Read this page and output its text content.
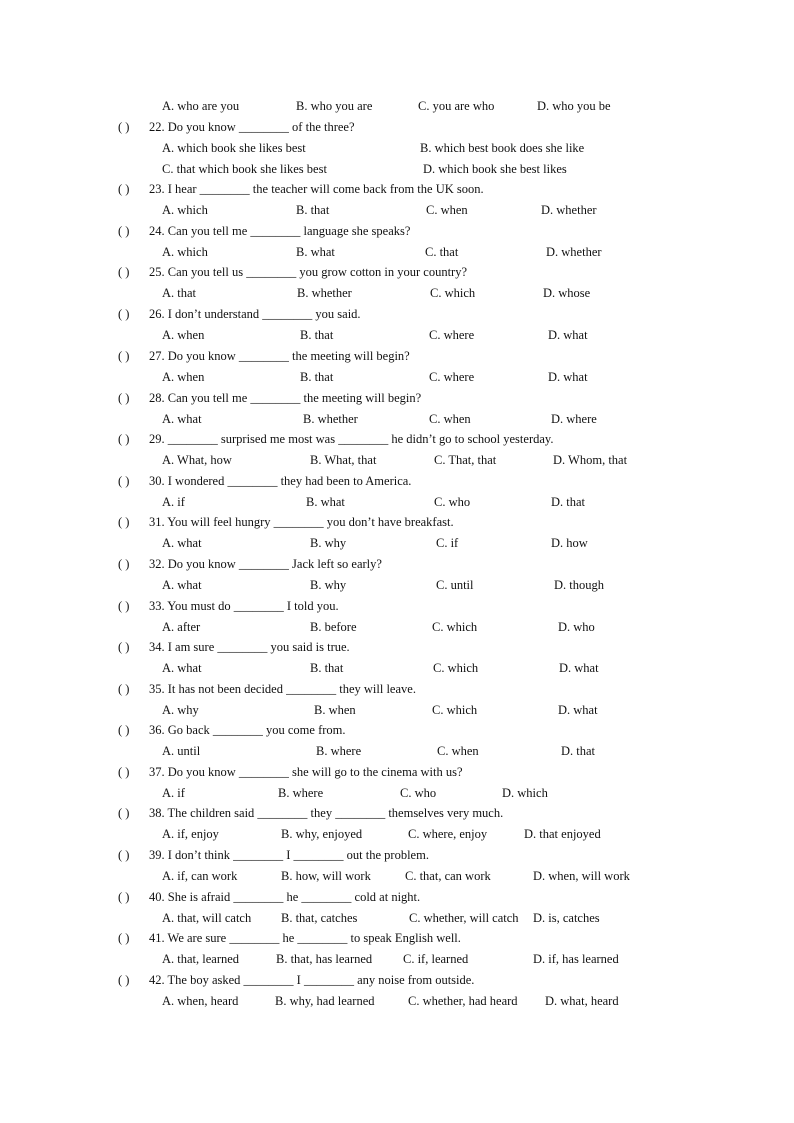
A. who are you	B. who you are	C. you are who	D. who you be
( ) 22. Do you know ________ of the three?
A. which book she likes best	B. which best book does she like
C. that which book she likes best	D. which book she best likes
( ) 23. I hear ________ the teacher will come back from the UK soon.
A. which	B. that	C. when	D. whether
( ) 24. Can you tell me ________ language she speaks?
A. which	B. what	C. that	D. whether
( ) 25. Can you tell us ________ you grow cotton in your country?
A. that	B. whether	C. which	D. whose
( ) 26. I don’t understand ________ you said.
A. when	B. that	C. where	D. what
( ) 27. Do you know ________ the meeting will begin?
A. when	B. that	C. where	D. what
( ) 28. Can you tell me ________ the meeting will begin?
A. what	B. whether	C. when	D. where
( ) 29. ________ surprised me most was ________ he didn’t go to school yesterday.
A. What, how	B. What, that	C. That, that	D. Whom, that
( ) 30. I wondered ________ they had been to America.
A. if	B. what	C. who	D. that
( ) 31. You will feel hungry ________ you don’t have breakfast.
A. what	B. why	C. if	D. how
( ) 32. Do you know ________ Jack left so early?
A. what	B. why	C. until	D. though
( ) 33. You must do ________ I told you.
A. after	B. before	C. which	D. who
( ) 34. I am sure ________ you said is true.
A. what	B. that	C. which	D. what
( ) 35. It has not been decided ________ they will leave.
A. why	B. when	C. which	D. what
( ) 36. Go back ________ you come from.
A. until	B. where	C. when	D. that
( ) 37. Do you know ________ she will go to the cinema with us?
A. if	B. where	C. who	D. which
( ) 38. The children said ________ they ________ themselves very much.
A. if, enjoy	B. why, enjoyed	C. where, enjoy	D. that enjoyed
( ) 39. I don’t think ________ I ________ out the problem.
A. if, can work	B. how, will work	C. that, can work	D. when, will work
( ) 40. She is afraid ________ he ________ cold at night.
A. that, will catch B. that, catches	C. whether, will catch D. is, catches
( ) 41. We are sure ________ he ________ to speak English well.
A. that, learned	B. that, has learned C. if, learned	D. if, has learned
( ) 42. The boy asked ________ I ________ any noise from outside.
A. when, heard	B. why, had learned	C. whether, had heard D. what, heard
